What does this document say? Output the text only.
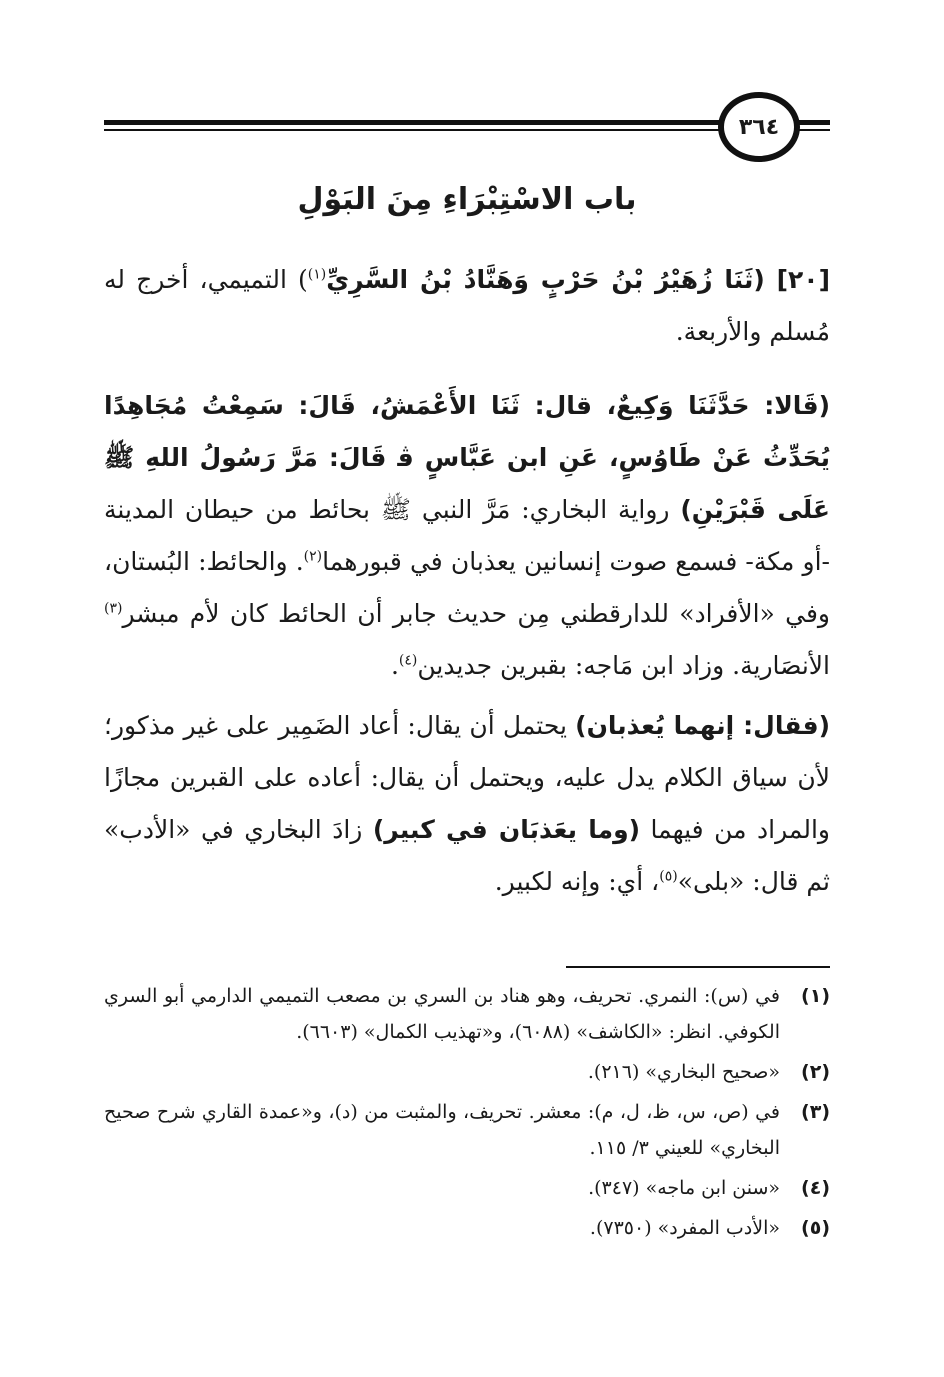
٣٦٤
باب الاسْتِبْرَاءِ مِنَ البَوْلِ

[٢٠] (ثَنَا زُهَيْرُ بْنُ حَرْبٍ وَهَنَّادُ بْنُ السَّرِيِّ$^{(١)}$) التميمي، أخرج له مُسلم والأربعة.

(قَالا: حَدَّثَنَا وَكِيعٌ، قال: ثَنَا الأَعْمَشُ، قَالَ: سَمِعْتُ مُجَاهِدًا يُحَدِّثُ عَنْ طَاوُسٍ، عَنِ ابن عَبَّاسٍ ﭬ قَالَ: مَرَّ رَسُولُ اللهِ ﷺ عَلَى قَبْرَيْنِ) رواية البخاري: مَرَّ النبي ﷺ بحائط من حيطان المدينة -أو مكة- فسمع صوت إنسانين يعذبان في قبورهما$^{(٢)}$. والحائط: البُستان، وفي «الأفراد» للدارقطني مِن حديث جابر أن الحائط كان لأم مبشر$^{(٣)}$ الأنصَارية. وزاد ابن مَاجه: بقبرين جديدين$^{(٤)}$.

(فقال: إنهما يُعذبان) يحتمل أن يقال: أعاد الضَمِير على غير مذكور؛ لأن سياق الكلام يدل عليه، ويحتمل أن يقال: أعاده على القبرين مجازًا والمراد من فيهما (وما يعَذبَان في كبير) زادَ البخاري في «الأدب» ثم قال: «بلى»$^{(٥)}$، أي: وإنه لكبير.

(١)
في (س): النمري. تحريف، وهو هناد بن السري بن مصعب التميمي الدارمي أبو السري الكوفي. انظر: «الكاشف» (٦٠٨٨)، و«تهذيب الكمال» (٦٦٠٣).
(٢)
«صحيح البخاري» (٢١٦).
(٣)
في (ص، س، ظ، ل، م): معشر. تحريف، والمثبت من (د)، و«عمدة القاري شرح صحيح البخاري» للعيني ٣/ ١١٥.
(٤)
«سنن ابن ماجه» (٣٤٧).
(٥)
«الأدب المفرد» (٧٣٥٠).
